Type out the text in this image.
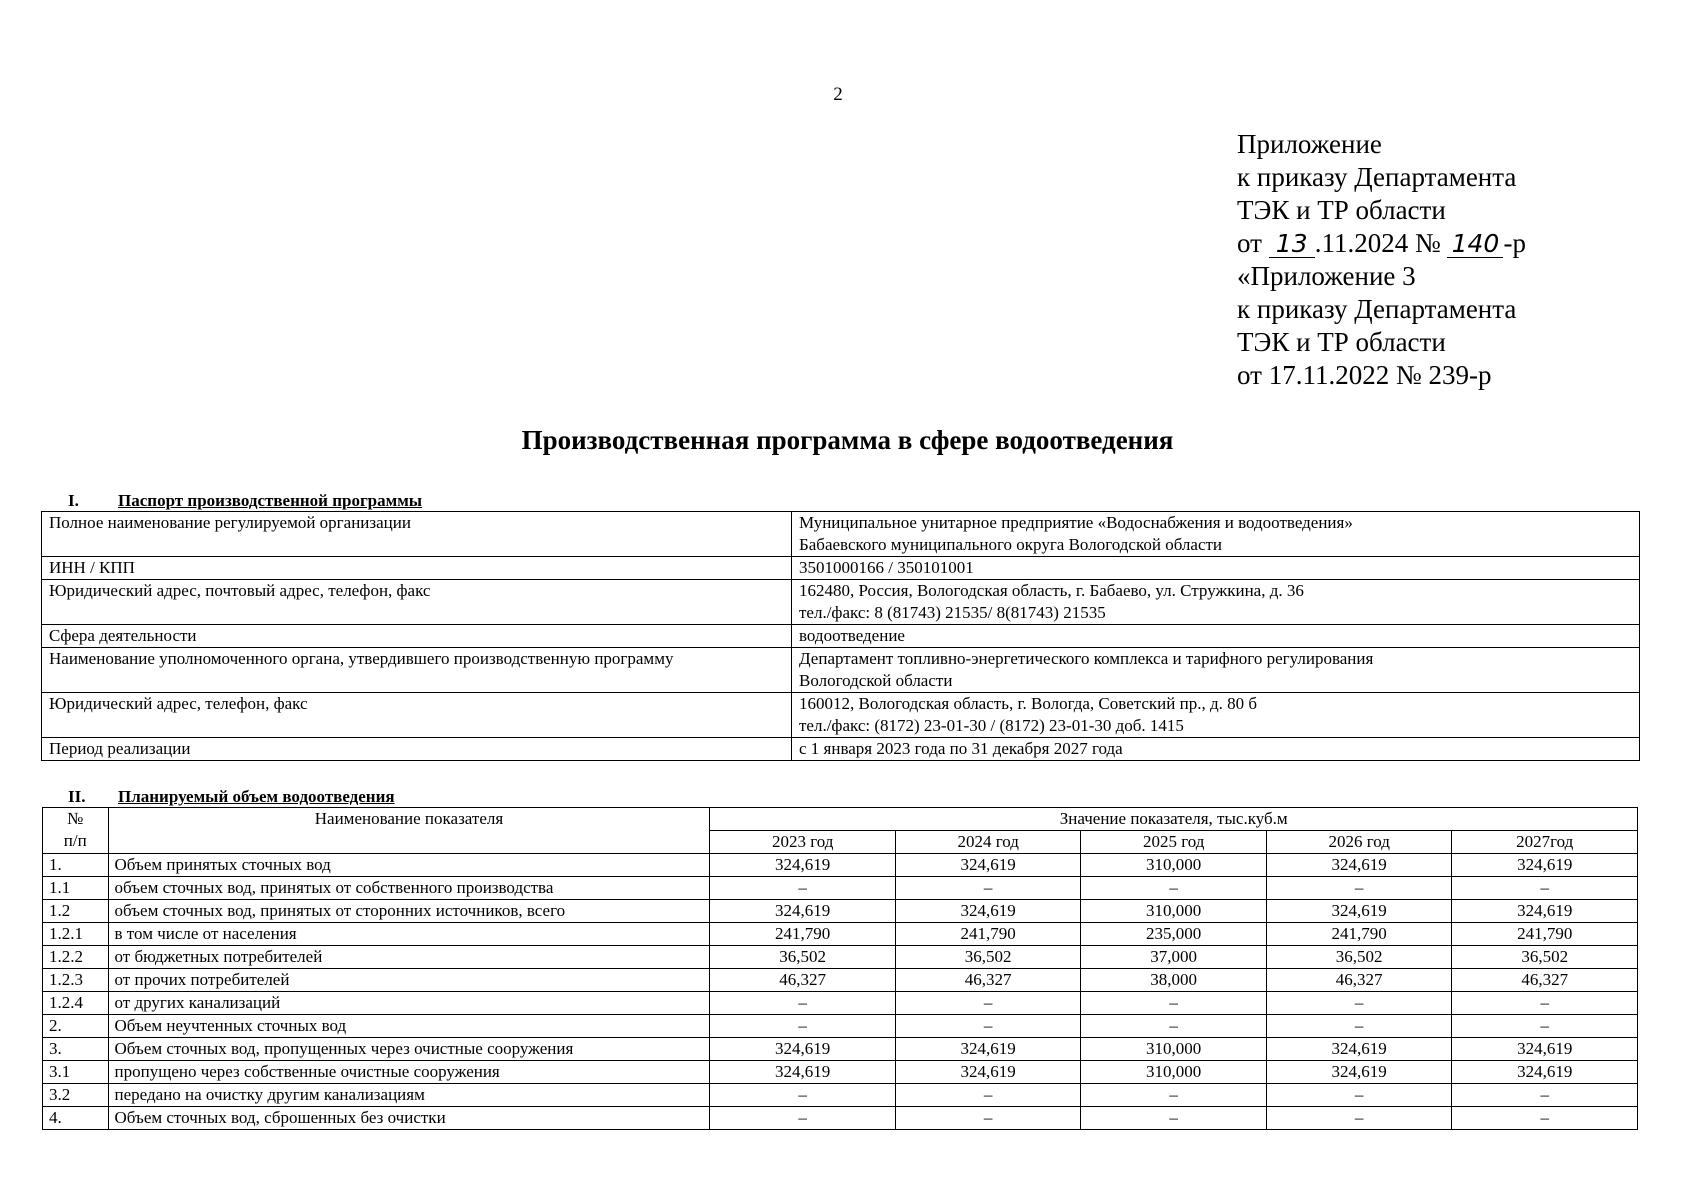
2
Приложение
к приказу Департамента
ТЭК и ТР области
от 13 .11.2024 № 140 -р
«Приложение 3
к приказу Департамента
ТЭК и ТР области
от 17.11.2022 № 239-р
Производственная программа в сфере водоотведения
I. Паспорт производственной программы
Полное наименование регулируемой организации	Муниципальное унитарное предприятие «Водоснабжения и водоотведения»
Бабаевского муниципального округа Вологодской области

ИНН / КПП	3501000166 / 350101001

Юридический адрес, почтовый адрес, телефон, факс	162480, Россия, Вологодская область, г. Бабаево, ул. Стружкина, д. 36
тел./факс: 8 (81743) 21535/ 8(81743) 21535

Сфера деятельности	водоотведение

Наименование уполномоченного органа, утвердившего производственную программу	Департамент топливно-энергетического комплекса и тарифного регулирования
Вологодской области

Юридический адрес, телефон, факс	160012, Вологодская область, г. Вологда, Советский пр., д. 80 б
тел./факс: (8172) 23-01-30 / (8172) 23-01-30 доб. 1415

Период реализации	с 1 января 2023 года по 31 декабря 2027 года
II. Планируемый объем водоотведения
№
п/п	Наименование показателя	Значение показателя, тыс.куб.м				
		2023 год	2024 год	2025 год	2026 год	2027год
1.	Объем принятых сточных вод	324,619	324,619	310,000	324,619	324,619
1.1	объем сточных вод, принятых от собственного производства	–	–	–	–	–
1.2	объем сточных вод, принятых от сторонних источников, всего	324,619	324,619	310,000	324,619	324,619
1.2.1	в том числе от населения	241,790	241,790	235,000	241,790	241,790
1.2.2	от бюджетных потребителей	36,502	36,502	37,000	36,502	36,502
1.2.3	от прочих потребителей	46,327	46,327	38,000	46,327	46,327
1.2.4	от других канализаций	–	–	–	–	–
2.	Объем неучтенных сточных вод	–	–	–	–	–
3.	Объем сточных вод, пропущенных через очистные сооружения	324,619	324,619	310,000	324,619	324,619
3.1	пропущено через собственные очистные сооружения	324,619	324,619	310,000	324,619	324,619
3.2	передано на очистку другим канализациям	–	–	–	–	–
4.	Объем сточных вод, сброшенных без очистки	–	–	–	–	–
